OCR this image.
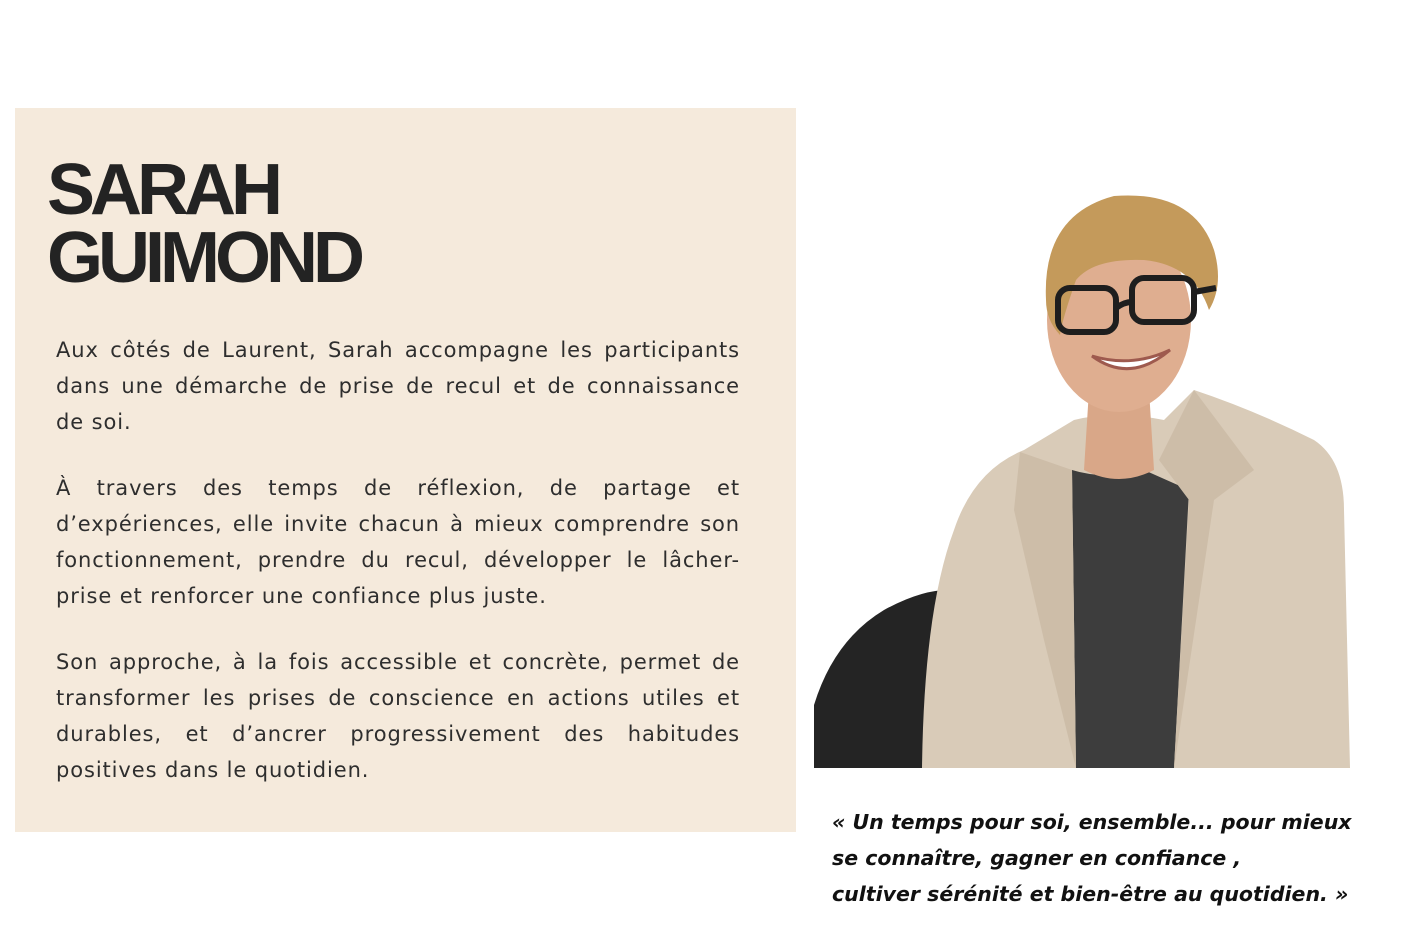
SARAH
GUIMOND

Aux côtés de Laurent, Sarah accompagne les participants dans une démarche de prise de recul et de connaissance de soi.

À travers des temps de réflexion, de partage et d’expériences, elle invite chacun à mieux comprendre son fonctionnement, prendre du recul, développer le lâcher-prise et renforcer une confiance plus juste.

Son approche, à la fois accessible et concrète, permet de transformer les prises de conscience en actions utiles et durables, et d’ancrer progressivement des habitudes positives dans le quotidien.

« Un temps pour soi, ensemble... pour mieux
se connaître, gagner en confiance ,
cultiver sérénité et bien-être au quotidien. »
